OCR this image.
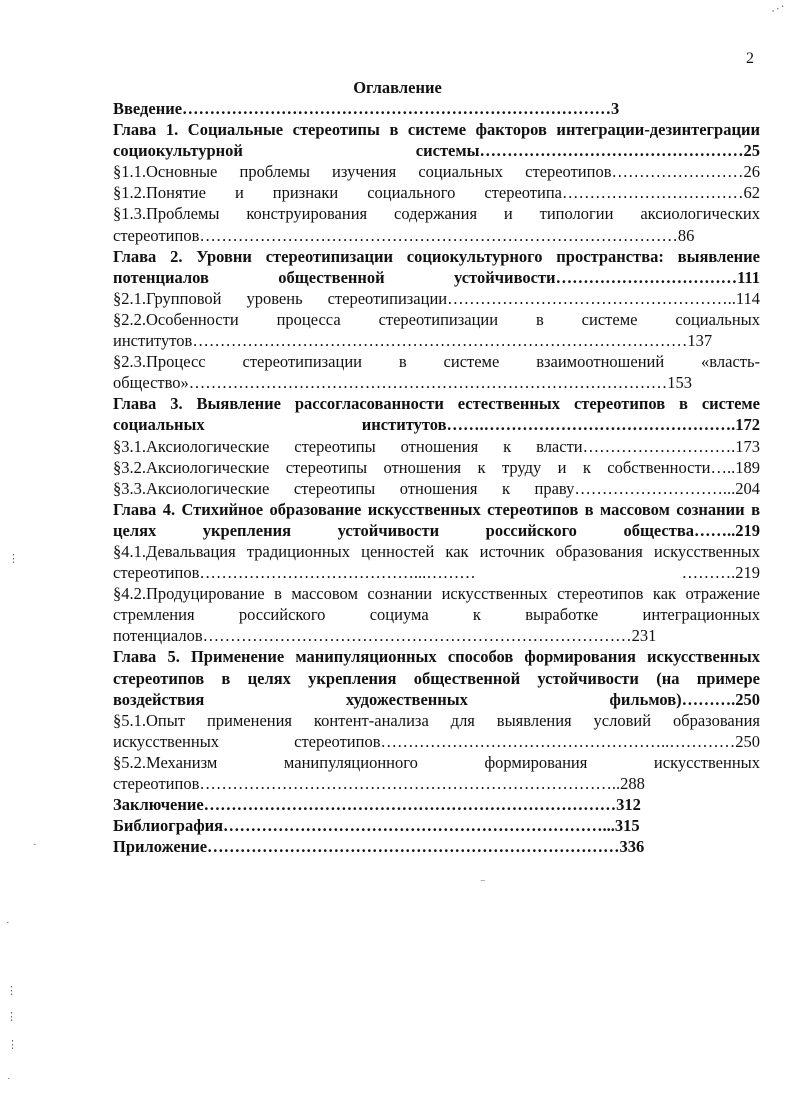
2
Оглавление
Введение……………………………………………………………………3
Глава 1. Социальные стереотипы в системе факторов интеграции-дезинтеграции социокультурной системы…………………………………………25
§1.1.Основные проблемы изучения социальных стереотипов……………………26
§1.2.Понятие и признаки социального стереотипа……………………………62
§1.3.Проблемы конструирования содержания и типологии аксиологических стереотипов……………………………………………………………………………86
Глава 2. Уровни стереотипизации социокультурного пространства: выявление потенциалов общественной устойчивости……………………………111
§2.1.Групповой уровень стереотипизации……………………………………………..114
§2.2.Особенности процесса стереотипизации в системе социальных институтов………………………………………………………………………………137
§2.3.Процесс стереотипизации в системе взаимоотношений «власть-общество»……………………………………………………………………………153
Глава 3. Выявление рассогласованности естественных стереотипов в системе социальных институтов…….……………………………………….172
§3.1.Аксиологические стереотипы отношения к власти……………………….173
§3.2.Аксиологические стереотипы отношения к труду и к собственности…..189
§3.3.Аксиологические стереотипы отношения к праву………………………...204
Глава 4. Стихийное образование искусственных стереотипов в массовом сознании в целях укрепления устойчивости российского общества……..219
§4.1.Девальвация традиционных ценностей как источник образования искусственных стереотипов…………………………………...……… ……….219
§4.2.Продуцирование в массовом сознании искусственных стереотипов как отражение стремления российского социума к выработке интеграционных потенциалов……………………………………………………………………231
Глава 5. Применение манипуляционных способов формирования искусственных стереотипов в целях укрепления общественной устойчивости (на примере воздействия художественных фильмов)……….250
§5.1.Опыт применения контент-анализа для выявления условий образования искусственных стереотипов……………………………………………..…………250
§5.2.Механизм манипуляционного формирования искусственных стереотипов…………………………………………………………………..288
Заключение…………………………………………………………………312
Библиография……………………………………………………………...315
Приложение…………………………………………………………………336
⋰
⋮
·
·
⋮
⋮
⋮
·
⁻
